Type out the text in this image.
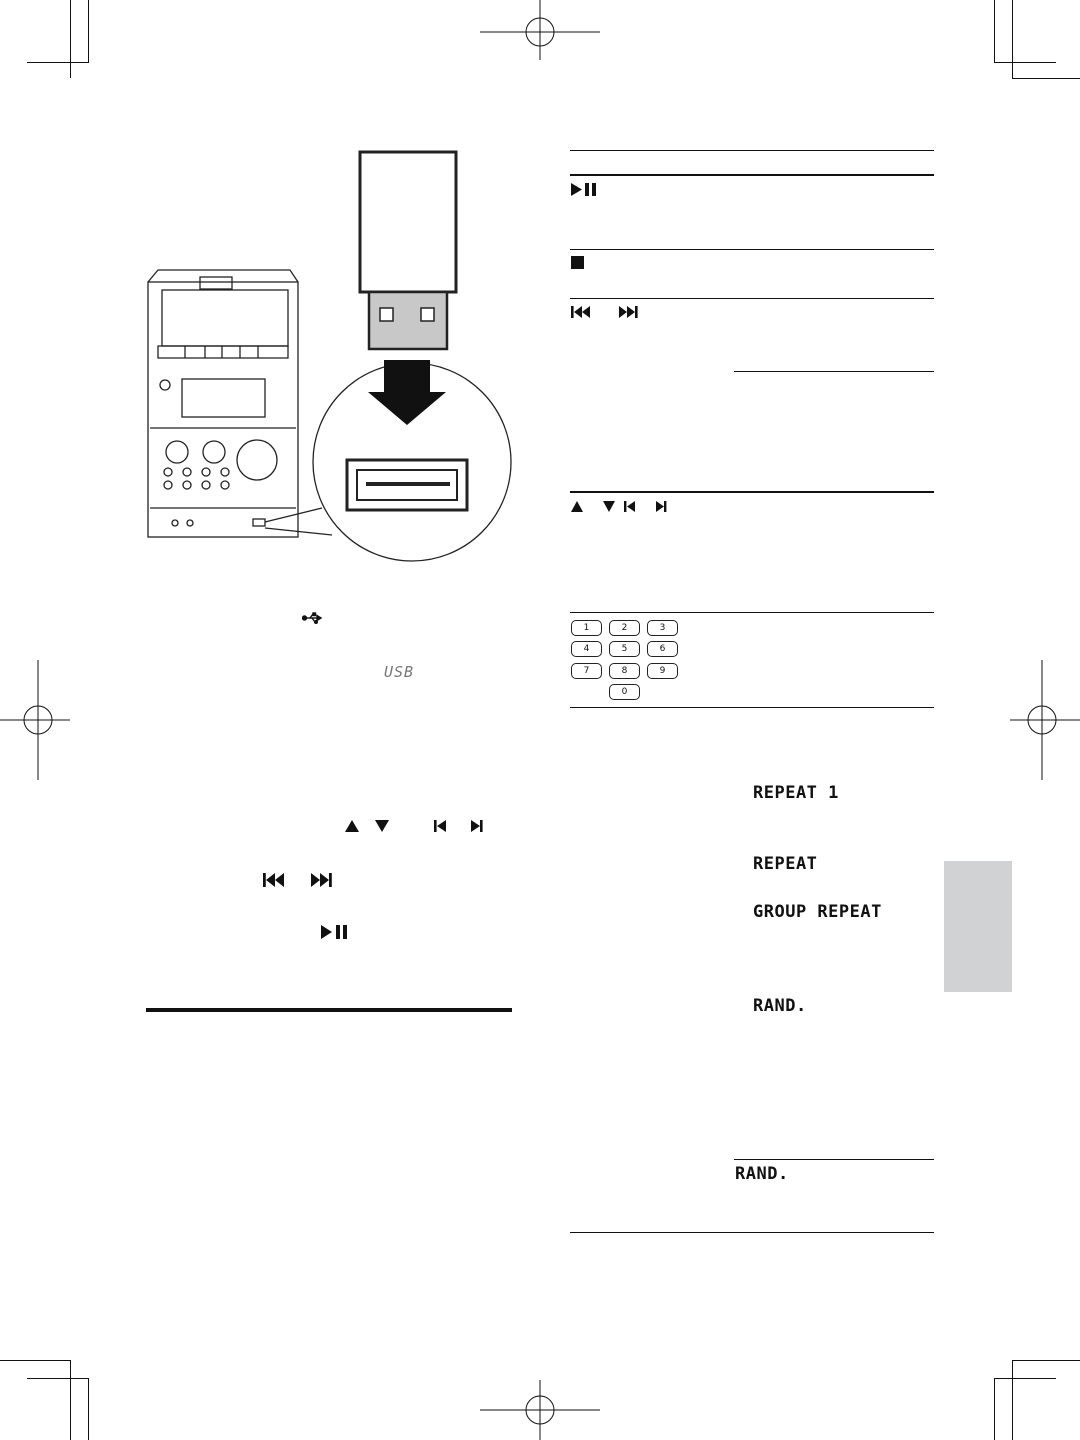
USB
1	2	3
4	5	6
7	8	9
0
REPEAT 1
REPEAT
GROUP REPEAT
RAND.
RAND.
